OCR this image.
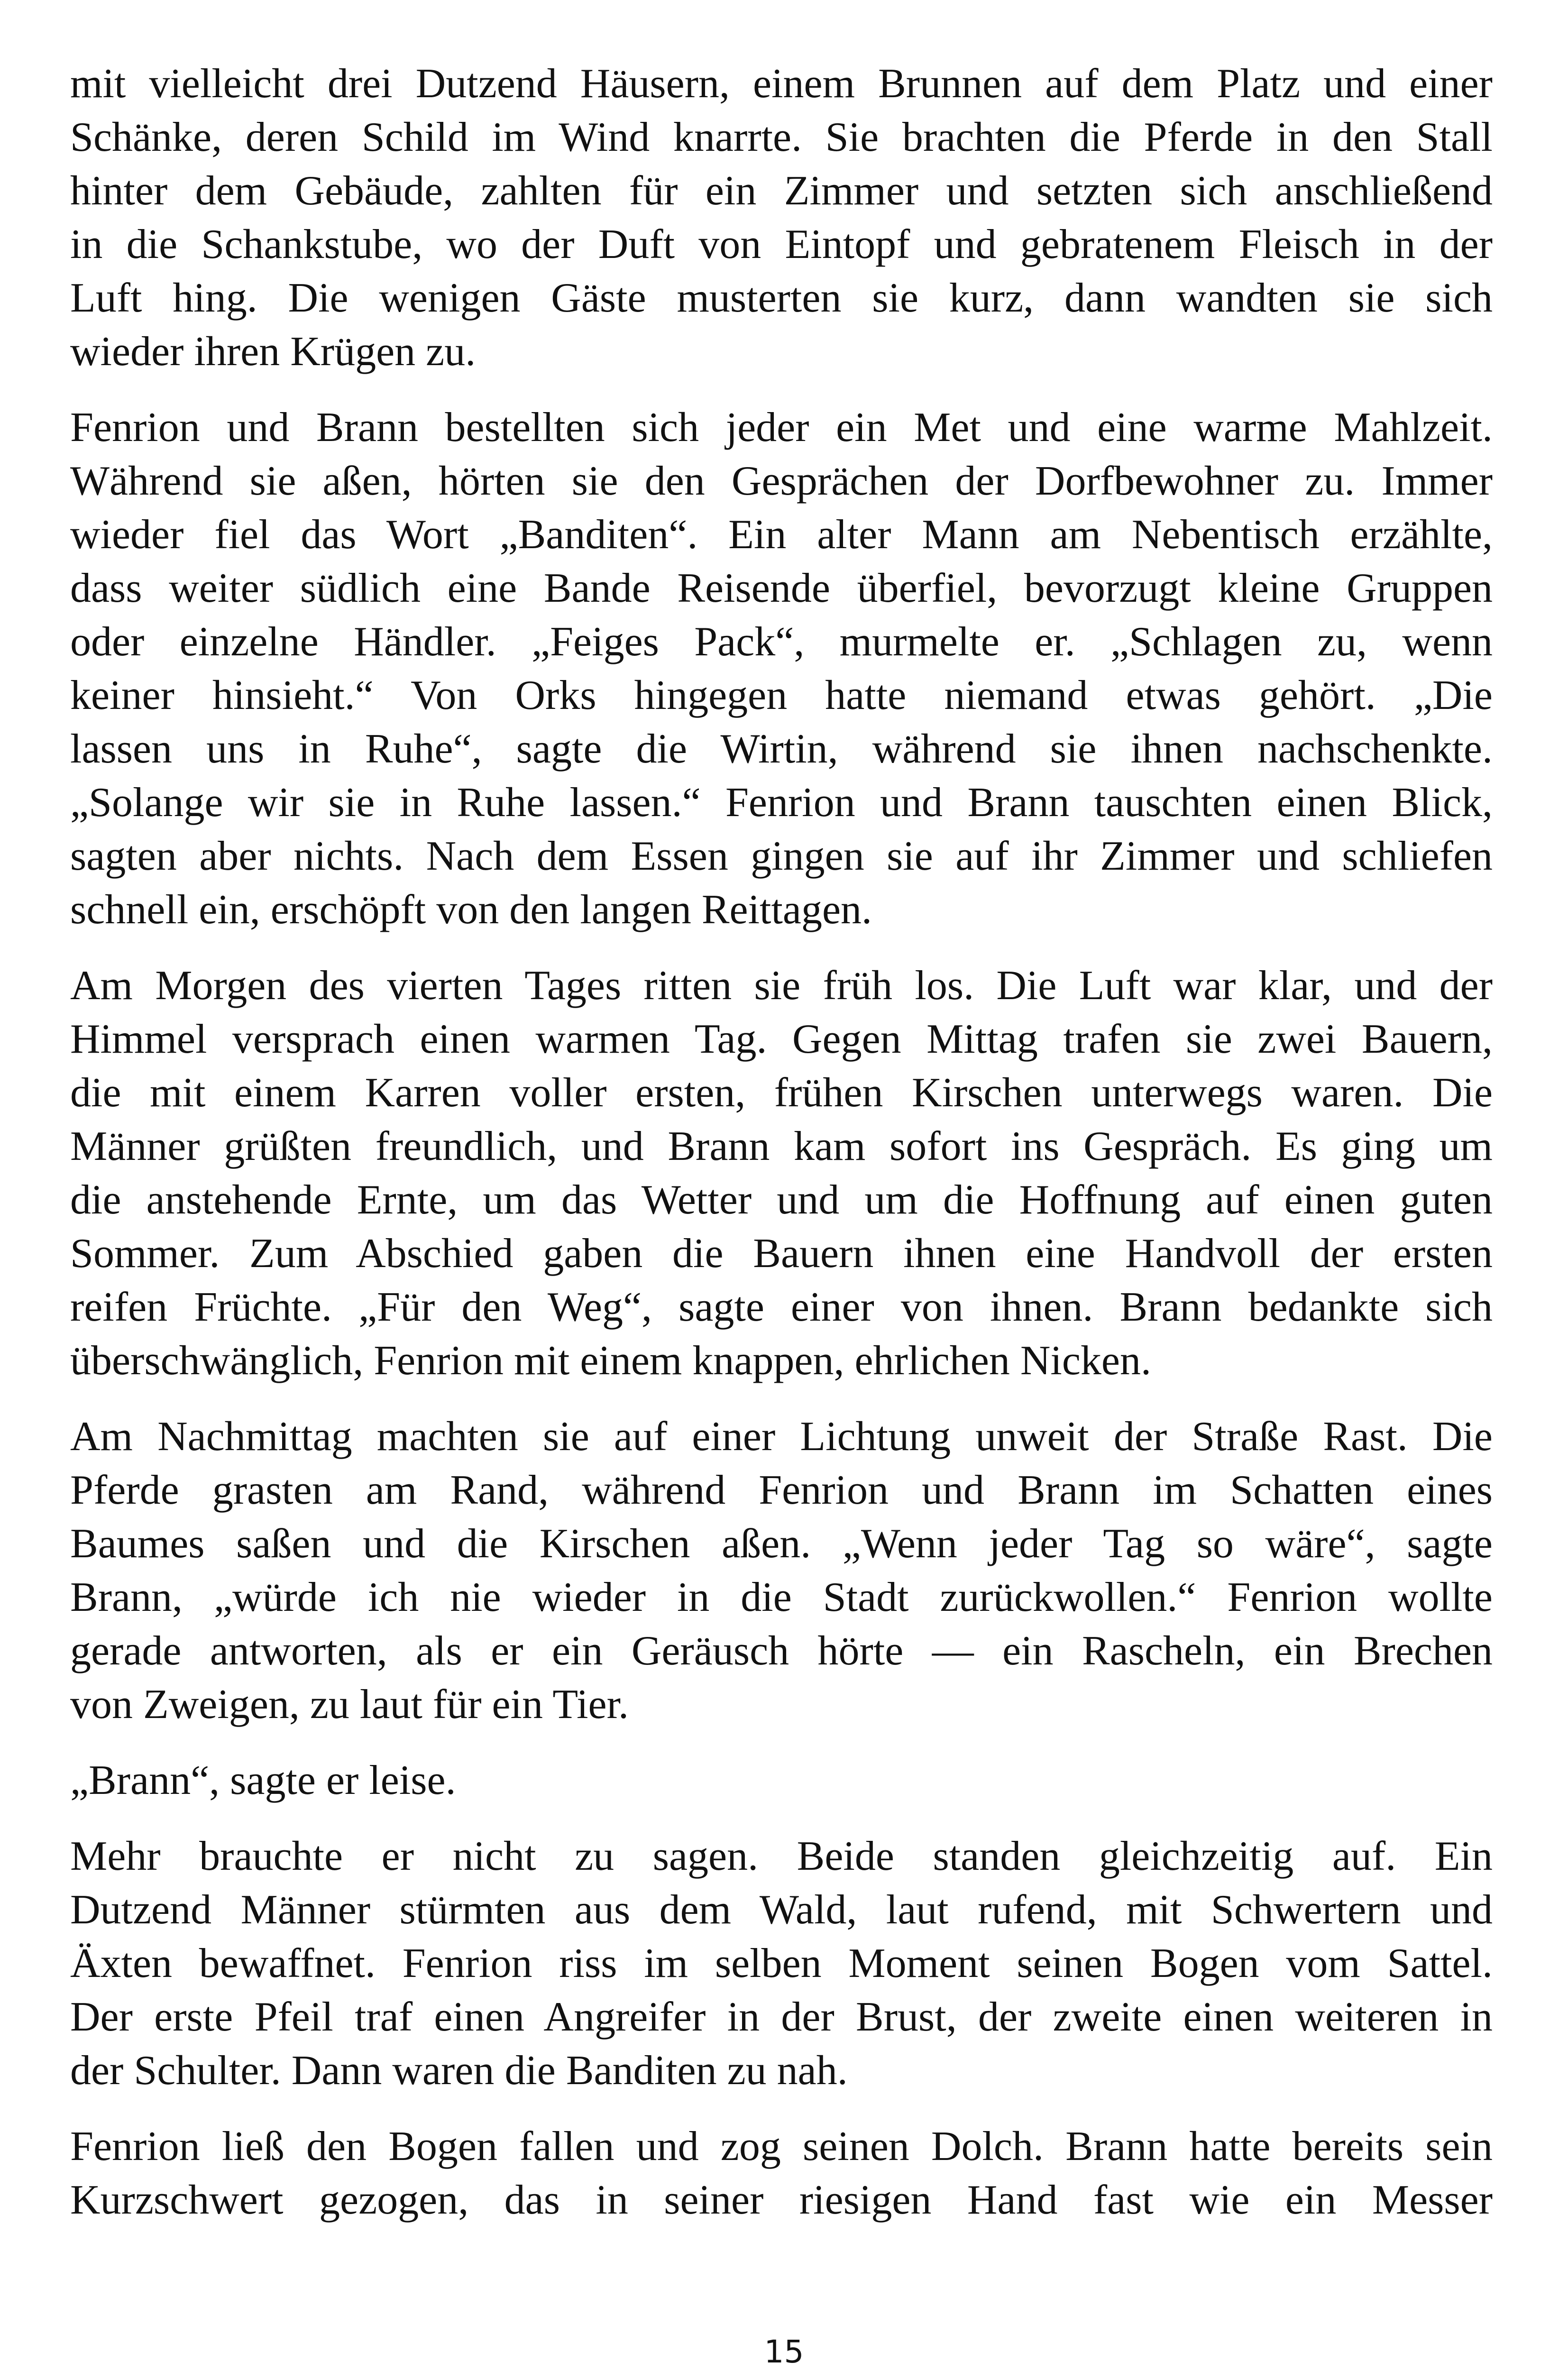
mit vielleicht drei Dutzend Häusern, einem Brunnen auf dem Platz und einer
Schänke, deren Schild im Wind knarrte. Sie brachten die Pferde in den Stall
hinter dem Gebäude, zahlten für ein Zimmer und setzten sich anschließend
in die Schankstube, wo der Duft von Eintopf und gebratenem Fleisch in der
Luft hing. Die wenigen Gäste musterten sie kurz, dann wandten sie sich
wieder ihren Krügen zu.
Fenrion und Brann bestellten sich jeder ein Met und eine warme Mahlzeit.
Während sie aßen, hörten sie den Gesprächen der Dorfbewohner zu. Immer
wieder fiel das Wort „Banditen“. Ein alter Mann am Nebentisch erzählte,
dass weiter südlich eine Bande Reisende überfiel, bevorzugt kleine Gruppen
oder einzelne Händler. „Feiges Pack“, murmelte er. „Schlagen zu, wenn
keiner hinsieht.“ Von Orks hingegen hatte niemand etwas gehört. „Die
lassen uns in Ruhe“, sagte die Wirtin, während sie ihnen nachschenkte.
„Solange wir sie in Ruhe lassen.“ Fenrion und Brann tauschten einen Blick,
sagten aber nichts. Nach dem Essen gingen sie auf ihr Zimmer und schliefen
schnell ein, erschöpft von den langen Reittagen.
Am Morgen des vierten Tages ritten sie früh los. Die Luft war klar, und der
Himmel versprach einen warmen Tag. Gegen Mittag trafen sie zwei Bauern,
die mit einem Karren voller ersten, frühen Kirschen unterwegs waren. Die
Männer grüßten freundlich, und Brann kam sofort ins Gespräch. Es ging um
die anstehende Ernte, um das Wetter und um die Hoffnung auf einen guten
Sommer. Zum Abschied gaben die Bauern ihnen eine Handvoll der ersten
reifen Früchte. „Für den Weg“, sagte einer von ihnen. Brann bedankte sich
überschwänglich, Fenrion mit einem knappen, ehrlichen Nicken.
Am Nachmittag machten sie auf einer Lichtung unweit der Straße Rast. Die
Pferde grasten am Rand, während Fenrion und Brann im Schatten eines
Baumes saßen und die Kirschen aßen. „Wenn jeder Tag so wäre“, sagte
Brann, „würde ich nie wieder in die Stadt zurückwollen.“ Fenrion wollte
gerade antworten, als er ein Geräusch hörte — ein Rascheln, ein Brechen
von Zweigen, zu laut für ein Tier.
„Brann“, sagte er leise.
Mehr brauchte er nicht zu sagen. Beide standen gleichzeitig auf. Ein
Dutzend Männer stürmten aus dem Wald, laut rufend, mit Schwertern und
Äxten bewaffnet. Fenrion riss im selben Moment seinen Bogen vom Sattel.
Der erste Pfeil traf einen Angreifer in der Brust, der zweite einen weiteren in
der Schulter. Dann waren die Banditen zu nah.
Fenrion ließ den Bogen fallen und zog seinen Dolch. Brann hatte bereits sein
Kurzschwert gezogen, das in seiner riesigen Hand fast wie ein Messer
15
